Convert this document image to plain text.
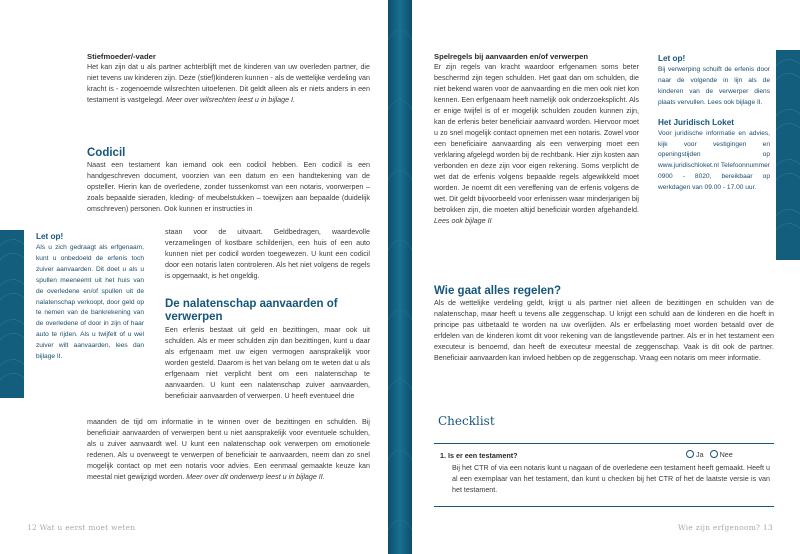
Stiefmoeder/-vader

Het kan zijn dat u als partner achterblijft met de kinderen van uw overleden partner, die niet tevens uw kinderen zijn. Deze (stief)kinderen kunnen - als de wettelijke verdeling van kracht is - zogenoemde wilsrechten uitoefenen. Dit geldt alleen als er niets anders in een testament is vastgelegd. Meer over wilsrechten leest u in bijlage I.

Codicil

Naast een testament kan iemand ook een codicil hebben. Een codicil is een handgeschreven document, voorzien van een datum en een handtekening van de opsteller. Hierin kan de overledene, zonder tussenkomst van een notaris, voorwerpen – zoals bepaalde sieraden, kleding- of meubelstukken – toewijzen aan bepaalde (duidelijk omschreven) personen. Ook kunnen er instructies in

staan voor de uitvaart. Geldbedragen, waardevolle verzamelingen of kostbare schilderijen, een huis of een auto kunnen niet per codicil worden toegewezen. U kunt een codicil door een notaris laten controleren. Als het niet volgens de regels is opgemaakt, is het ongeldig.

De nalatenschap aanvaarden of verwerpen

Een erfenis bestaat uit geld en bezittingen, maar ook uit schulden. Als er meer schulden zijn dan bezittingen, kunt u daar als erfgenaam met uw eigen vermogen aansprakelijk voor worden gesteld. Daarom is het van belang om te weten dat u als erfgenaam niet verplicht bent om een nalatenschap te aanvaarden. U kunt een nalatenschap zuiver aanvaarden, beneficiair aanvaarden of verwerpen. U heeft eventueel drie

maanden de tijd om informatie in te winnen over de bezittingen en schulden. Bij beneficiair aanvaarden of verwerpen bent u niet aansprakelijk voor eventuele schulden, als u zuiver aanvaardt wel. U kunt een nalatenschap ook verwerpen om emotionele redenen. Als u overweegt te verwerpen of beneficiair te aanvaarden, neem dan zo snel mogelijk contact op met een notaris voor advies. Een eenmaal gemaakte keuze kan meestal niet gewijzigd worden. Meer over dit onderwerp leest u in bijlage II.

Let op!

Als u zich gedraagt als erfgenaam, kunt u onbedoeld de erfenis toch zuiver aanvaarden. Dit doet u als u spullen meeneemt uit het huis van de overledene en/of spullen uit de nalatenschap verkoopt, door geld op te nemen van de bankrekening van de overledene of door in zijn of haar auto te rijden. Als u twijfelt of u wel zuiver wilt aanvaarden, lees dan bijlage II.

12 Wat u eerst moet weten

Spelregels bij aanvaarden en/of verwerpen

Er zijn regels van kracht waardoor erfgenamen soms beter beschermd zijn tegen schulden. Het gaat dan om schulden, die niet bekend waren voor de aanvaarding en die men ook niet kon kennen. Een erfgenaam heeft namelijk ook onderzoeksplicht. Als er enige twijfel is of er mogelijk schulden zouden kunnen zijn, kan de erfenis beter beneficiair aanvaard worden. Hiervoor moet u zo snel mogelijk contact opnemen met een notaris. Zowel voor een beneficiaire aanvaarding als een verwerping moet een verklaring afgelegd worden bij de rechtbank. Hier zijn kosten aan verbonden en deze zijn voor eigen rekening. Soms verplicht de wet dat de erfenis volgens bepaalde regels afgewikkeld moet worden. Je noemt dit een vereffening van de erfenis volgens de wet. Dit geldt bijvoorbeeld voor erfenissen waar minderjarigen bij betrokken zijn, die moeten altijd beneficiair worden afgehandeld. Lees ook bijlage II

Let op!

Bij verwerping schuift de erfenis door naar de volgende in lijn als de kinderen van de verwerper diens plaats vervullen. Lees ook bijlage II.

Het Juridisch Loket

Voor juridische informatie en advies, kijk voor vestigingen en openingstijden op www.juridischloket.nl Telefoonnummer 0900 - 8020, bereikbaar op werkdagen van 09.00 - 17.00 uur.

Wie gaat alles regelen?

Als de wettelijke verdeling geldt, krijgt u als partner niet alleen de bezittingen en schulden van de nalatenschap, maar heeft u tevens alle zeggenschap. U krijgt een schuld aan de kinderen en die hoeft in principe pas uitbetaald te worden na uw overlijden. Als er erfbelasting moet worden betaald over de erfdelen van de kinderen komt dit voor rekening van de langstlevende partner. Als er in het testament een executeur is benoemd, dan heeft de executeur meestal de zeggenschap. Vaak is dit ook de partner. Beneficiair aanvaarden kan invloed hebben op de zeggenschap. Vraag een notaris om meer informatie.

Checklist
1. Is er een testament?	Ja Nee
Bij het CTR of via een notaris kunt u nagaan of de overledene een testament heeft gemaakt. Heeft u al een exemplaar van het testament, dan kunt u checken bij het CTR of het de laatste versie is van het testament.
Wie zijn erfgenoom? 13
